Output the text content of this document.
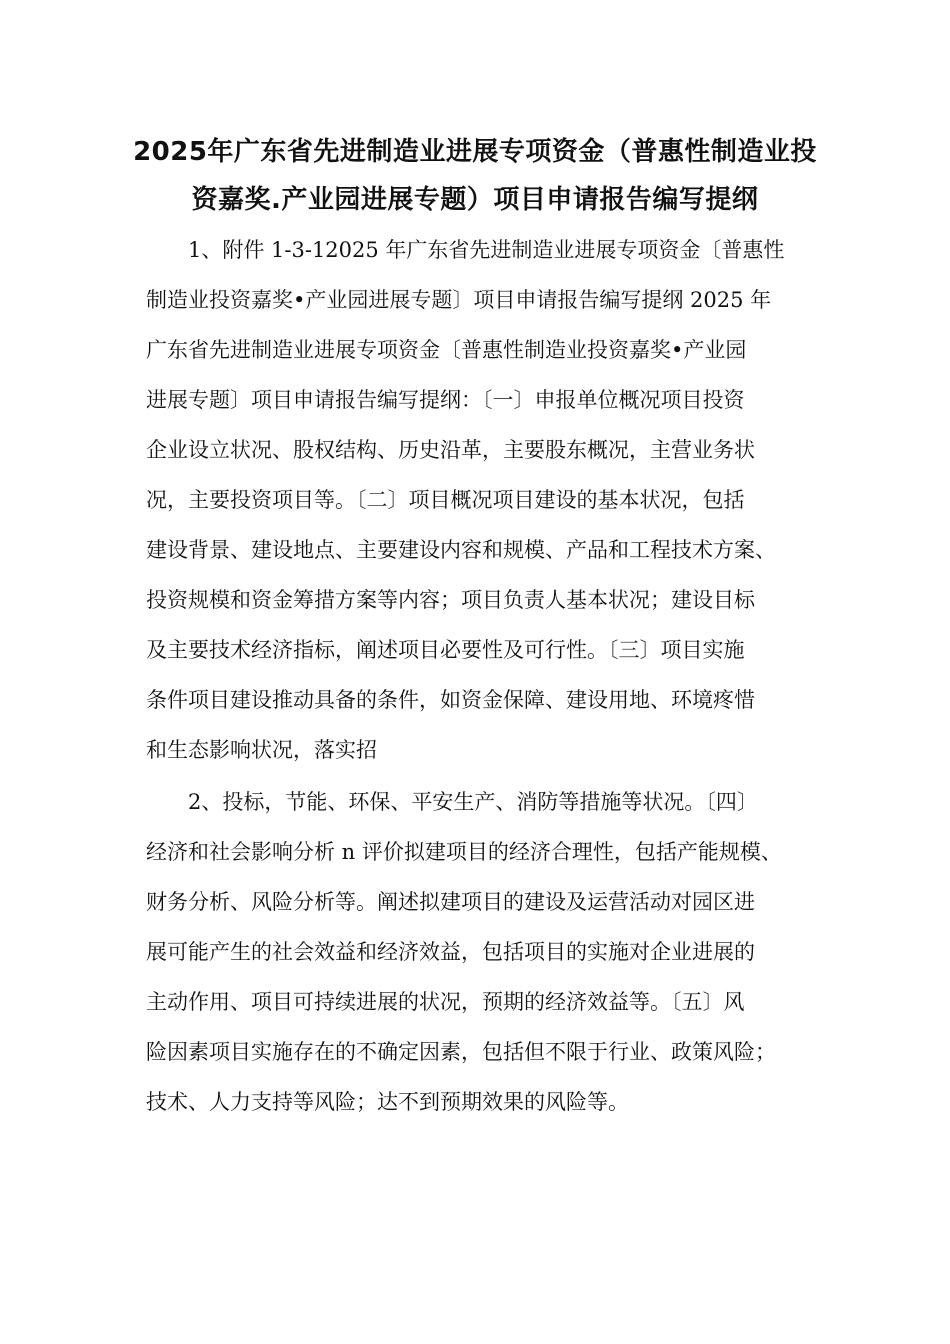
2025年广东省先进制造业进展专项资金（普惠性制造业投
资嘉奖.产业园进展专题）项目申请报告编写提纲
1、附件 1-3-12025 年广东省先进制造业进展专项资金〔普惠性
制造业投资嘉奖•产业园进展专题〕项目申请报告编写提纲 2025 年
广东省先进制造业进展专项资金〔普惠性制造业投资嘉奖•产业园
进展专题〕项目申请报告编写提纲：〔一〕申报单位概况项目投资
企业设立状况、股权结构、历史沿革，主要股东概况，主营业务状
况，主要投资项目等。〔二〕项目概况项目建设的基本状况，包括
建设背景、建设地点、主要建设内容和规模、产品和工程技术方案、
投资规模和资金筹措方案等内容；项目负责人基本状况；建设目标
及主要技术经济指标，阐述项目必要性及可行性。〔三〕项目实施
条件项目建设推动具备的条件，如资金保障、建设用地、环境疼惜
和生态影响状况，落实招
2、投标，节能、环保、平安生产、消防等措施等状况。〔四〕
经济和社会影响分析 n 评价拟建项目的经济合理性，包括产能规模、
财务分析、风险分析等。阐述拟建项目的建设及运营活动对园区进
展可能产生的社会效益和经济效益，包括项目的实施对企业进展的
主动作用、项目可持续进展的状况，预期的经济效益等。〔五〕风
险因素项目实施存在的不确定因素，包括但不限于行业、政策风险；
技术、人力支持等风险；达不到预期效果的风险等。
